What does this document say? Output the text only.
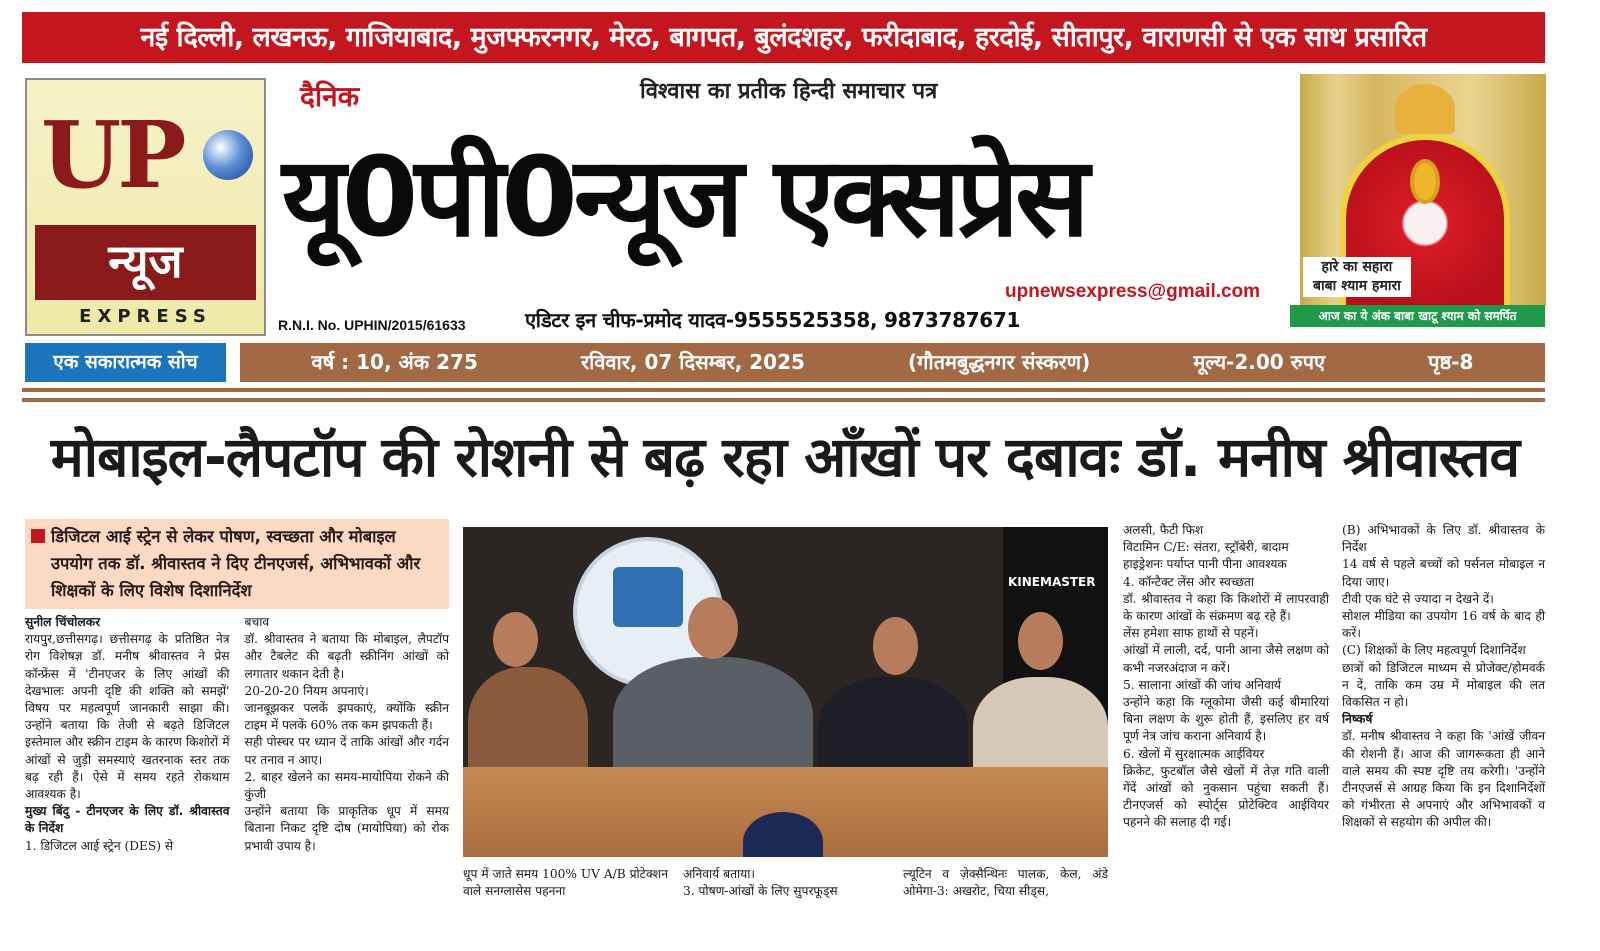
नई दिल्ली, लखनऊ, गाजियाबाद, मुजफ्फरनगर, मेरठ, बागपत, बुलंदशहर, फरीदाबाद, हरदोई, सीतापुर, वाराणसी से एक साथ प्रसारित
UP
न्यूज
EXPRESS
दैनिक	विश्वास का प्रतीक हिन्दी समाचार पत्र
यू0पी0न्यूज एक्सप्रेस
R.N.I. No. UPHIN/2015/61633	एडिटर इन चीफ-प्रमोद यादव-9555525358, 9873787671
upnewsexpress@gmail.com
हारे का सहारा
बाबा श्याम हमारा
आज का ये अंक बाबा खाटू श्याम को समर्पित
एक सकारात्मक सोच	वर्ष : 10, अंक 275	रविवार, 07 दिसम्बर, 2025	(गौतमबुद्धनगर संस्करण)	मूल्य-2.00 रुपए	पृष्ठ-8
मोबाइल-लैपटॉप की रोशनी से बढ़ रहा आँखों पर दबावः डॉ. मनीष श्रीवास्तव
डिजिटल आई स्ट्रेन से लेकर पोषण, स्वच्छता और मोबाइल उपयोग तक डॉ. श्रीवास्तव ने दिए टीनएजर्स, अभिभावकों और शिक्षकों के लिए विशेष दिशानिर्देश

सुनील चिंचोलकर

रायपुर,छत्तीसगढ़। छत्तीसगढ़ के प्रतिष्ठित नेत्र रोग विशेषज्ञ डॉ. मनीष श्रीवास्तव ने प्रेस कॉन्फ्रेंस में 'टीनएजर के लिए आंखों की देखभालः अपनी दृष्टि की शक्ति को समझें' विषय पर महत्वपूर्ण जानकारी साझा की। उन्होंने बताया कि तेजी से बढ़ते डिजिटल इस्तेमाल और स्क्रीन टाइम के कारण किशोरों में आंखों से जुड़ी समस्याएं खतरनाक स्तर तक बढ़ रही हैं। ऐसे में समय रहते रोकथाम आवश्यक है।

मुख्य बिंदु - टीनएजर के लिए डॉ. श्रीवास्तव के निर्देश

1. डिजिटल आई स्ट्रेन (DES) से

बचाव

डॉ. श्रीवास्तव ने बताया कि मोबाइल, लैपटॉप और टैबलेट की बढ़ती स्क्रीनिंग आंखों को लगातार थकान देती है।

20-20-20 नियम अपनाएं।

जानबूझकर पलकें झपकाएं, क्योंकि स्क्रीन टाइम में पलकें 60% तक कम झपकती हैं।

सही पोस्चर पर ध्यान दें ताकि आंखों और गर्दन पर तनाव न आए।

2. बाहर खेलने का समय-मायोपिया रोकने की कुंजी

उन्होंने बताया कि प्राकृतिक धूप में समय बिताना निकट दृष्टि दोष (मायोपिया) को रोक प्रभावी उपाय है।

KINEMASTER

धूप में जाते समय 100% UV A/B प्रोटेक्शन वाले सनग्लासेस पहनना

अनिवार्य बताया।

3. पोषण-आंखों के लिए सुपरफूड्स

ल्यूटिन व ज़ेक्सैन्थिनः पालक, केल, अंडे ओमेगा-3: अखरोट, चिया सीड्स,

अलसी, फैटी फिश

विटामिन C/E: संतरा, स्ट्रॉबेरी, बादाम

हाइड्रेशनः पर्याप्त पानी पीना आवश्यक

4. कॉन्टैक्ट लेंस और स्वच्छता

डॉ. श्रीवास्तव ने कहा कि किशोरों में लापरवाही के कारण आंखों के संक्रमण बढ़ रहे हैं।

लेंस हमेशा साफ हाथों से पहनें।

आंखों में लाली, दर्द, पानी आना जैसे लक्षण को कभी नजरअंदाज न करें।

5. सालाना आंखों की जांच अनिवार्य

उन्होंने कहा कि ग्लूकोमा जैसी कई बीमारियां बिना लक्षण के शुरू होती हैं, इसलिए हर वर्ष पूर्ण नेत्र जांच कराना अनिवार्य है।

6. खेलों में सुरक्षात्मक आईवियर

क्रिकेट, फुटबॉल जैसे खेलों में तेज़ गति वाली गेंदें आंखों को नुकसान पहुंचा सकती हैं। टीनएजर्स को स्पोर्ट्स प्रोटेक्टिव आईवियर पहनने की सलाह दी गई।

(B) अभिभावकों के लिए डॉ. श्रीवास्तव के निर्देश

14 वर्ष से पहले बच्चों को पर्सनल मोबाइल न दिया जाए।

टीवी एक घंटे से ज्यादा न देखने दें।

सोशल मीडिया का उपयोग 16 वर्ष के बाद ही करें।

(C) शिक्षकों के लिए महत्वपूर्ण दिशानिर्देश

छात्रों को डिजिटल माध्यम से प्रोजेक्ट/होमवर्क न दें, ताकि कम उम्र में मोबाइल की लत विकसित न हो।

निष्कर्ष

डॉ. मनीष श्रीवास्तव ने कहा कि 'आंखें जीवन की रोशनी हैं। आज की जागरूकता ही आने वाले समय की स्पष्ट दृष्टि तय करेगी। 'उन्होंने टीनएजर्स से आग्रह किया कि इन दिशानिर्देशों को गंभीरता से अपनाएं और अभिभावकों व शिक्षकों से सहयोग की अपील की।
